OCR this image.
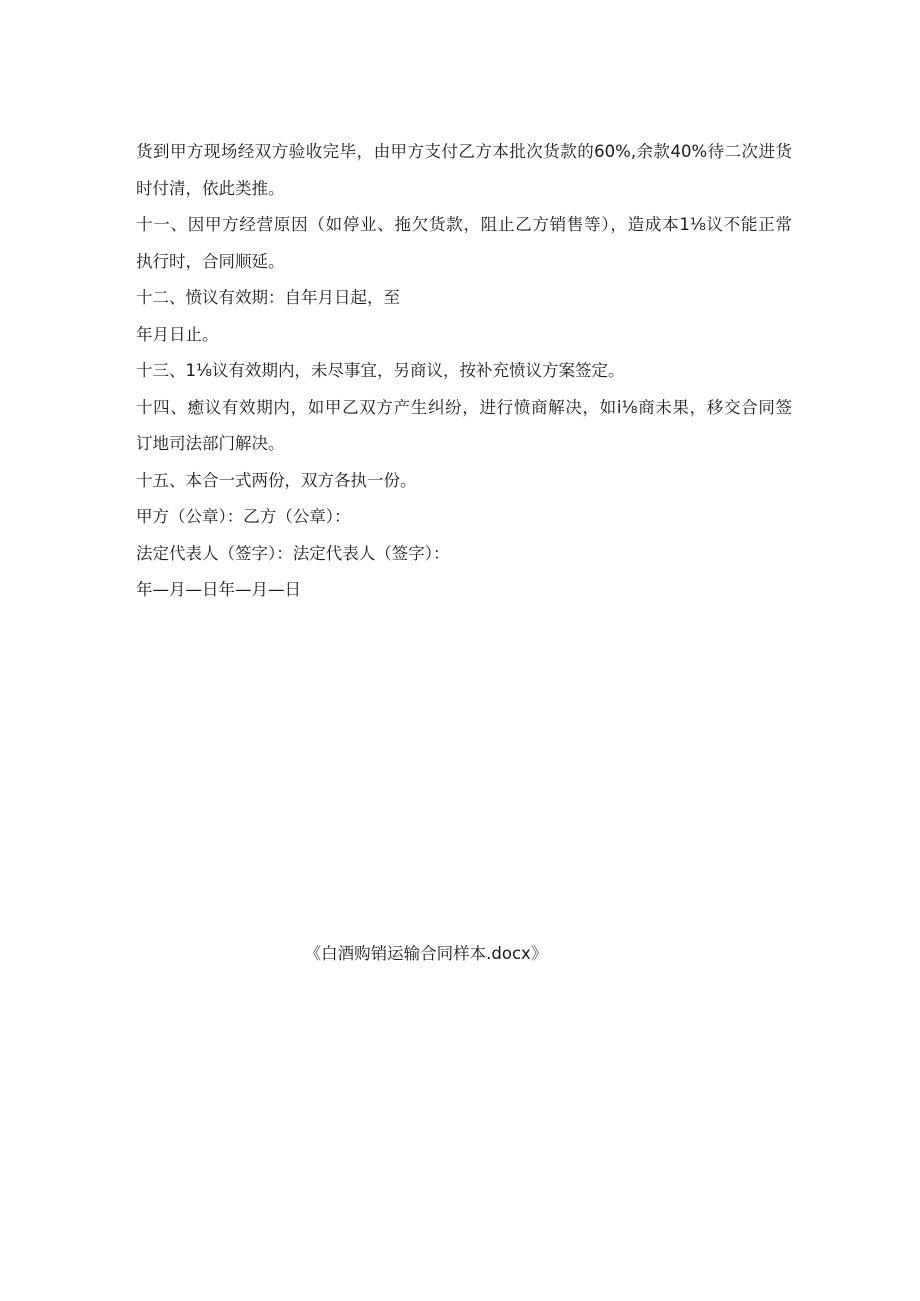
货到甲方现场经双方验收完毕，由甲方支付乙方本批次货款的60%,余款40%待二次进货
时付清，依此类推。
十一、因甲方经营原因（如停业、拖欠货款，阻止乙方销售等），造成本1⅛议不能正常
执行时，合同顺延。
十二、愤议有效期：自年月日起，至
年月日止。
十三、1⅛议有效期内，未尽事宜，另商议，按补充愤议方案签定。
十四、癒议有效期内，如甲乙双方产生纠纷，进行愤商解决，如i⅛商未果，移交合同签
订地司法部门解决。
十五、本合一式两份，双方各执一份。
甲方（公章）：乙方（公章）：
法定代表人（签字）：法定代表人（签字）：
年—月—日年—月—日
《白酒购销运输合同样本.docx》
